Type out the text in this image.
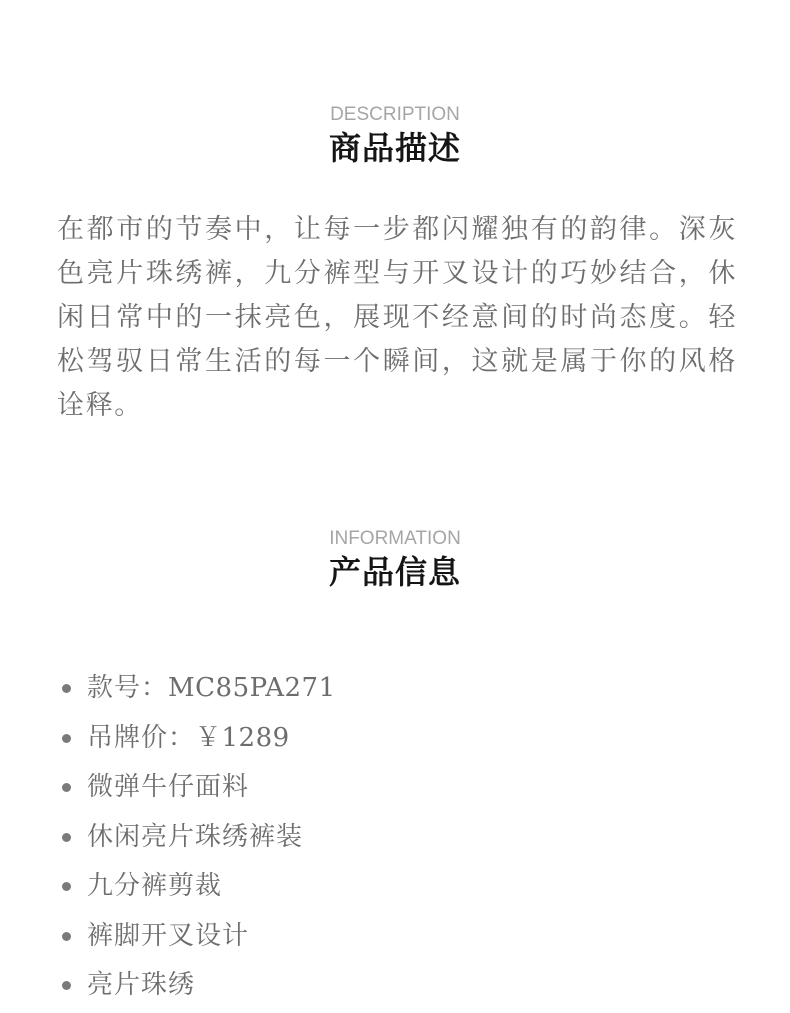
DESCRIPTION
商品描述

在都市的节奏中，让每一步都闪耀独有的韵律。深灰色亮片珠绣裤，九分裤型与开叉设计的巧妙结合，休闲日常中的一抹亮色，展现不经意间的时尚态度。轻松驾驭日常生活的每一个瞬间，这就是属于你的风格诠释。

INFORMATION
产品信息
款号：MC85PA271
吊牌价：￥1289
微弹牛仔面料
休闲亮片珠绣裤装
九分裤剪裁
裤脚开叉设计
亮片珠绣
